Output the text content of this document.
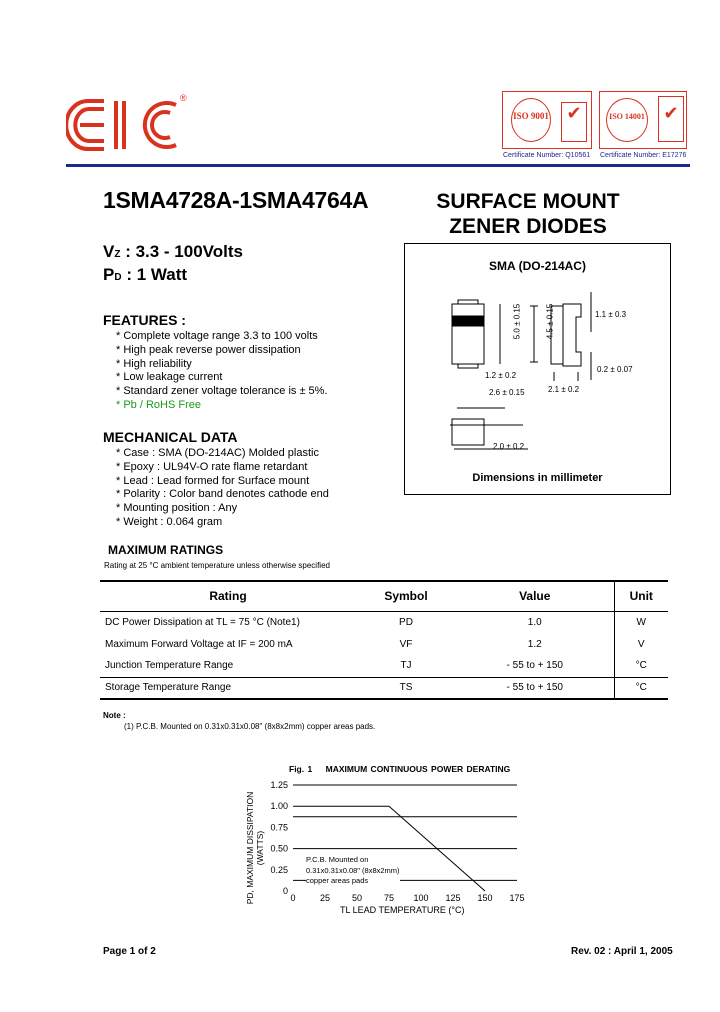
®
ISO 9001 ✔
Certificate Number: Q10561
ISO 14001	✔
Certificate Number: E17276
1SMA4728A-1SMA4764A	SURFACE MOUNT
ZENER DIODES
VZ : 3.3 - 100Volts
PD : 1 Watt
FEATURES :
* Complete voltage range 3.3 to 100 volts
* High peak reverse power dissipation
* High reliability
* Low leakage current
* Standard zener voltage tolerance is ± 5%.
* Pb / RoHS Free
MECHANICAL DATA
* Case : SMA (DO-214AC) Molded plastic
* Epoxy : UL94V-O rate flame retardant
* Lead : Lead formed for Surface mount
* Polarity : Color band denotes cathode end
* Mounting position : Any
* Weight : 0.064 gram
SMA (DO-214AC)
5.0 ± 0.15	4.5 ± 0.15	1.1 ± 0.3
1.2 ± 0.2
0.2 ± 0.07
2.6 ± 0.15	2.1 ± 0.2
2.0 ± 0.2
Dimensions in millimeter
MAXIMUM RATINGS
Rating at 25 °C ambient temperature unless otherwise specified
Rating	Symbol	Value	Unit
DC Power Dissipation at TL = 75 °C (Note1)	PD	1.0	W
Maximum Forward Voltage at IF = 200 mA	VF	1.2	V
Junction Temperature Range	TJ	- 55 to + 150	°C
Storage Temperature Range	TS	- 55 to + 150	°C
Note :
(1) P.C.B. Mounted on 0.31x0.31x0.08" (8x8x2mm) copper areas pads.
Fig. 1    MAXIMUM CONTINUOUS POWER DERATING
0
0.25
0.50
0.75
1.00
1.25
0	25 50 75 100 125 150 175
PD, MAXIMUM DISSIPATION (WATTS)
TL LEAD TEMPERATURE (°C)
P.C.B. Mounted on
0.31x0.31x0.08" (8x8x2mm)
copper areas pads
Page 1 of 2	Rev. 02 : April 1, 2005
